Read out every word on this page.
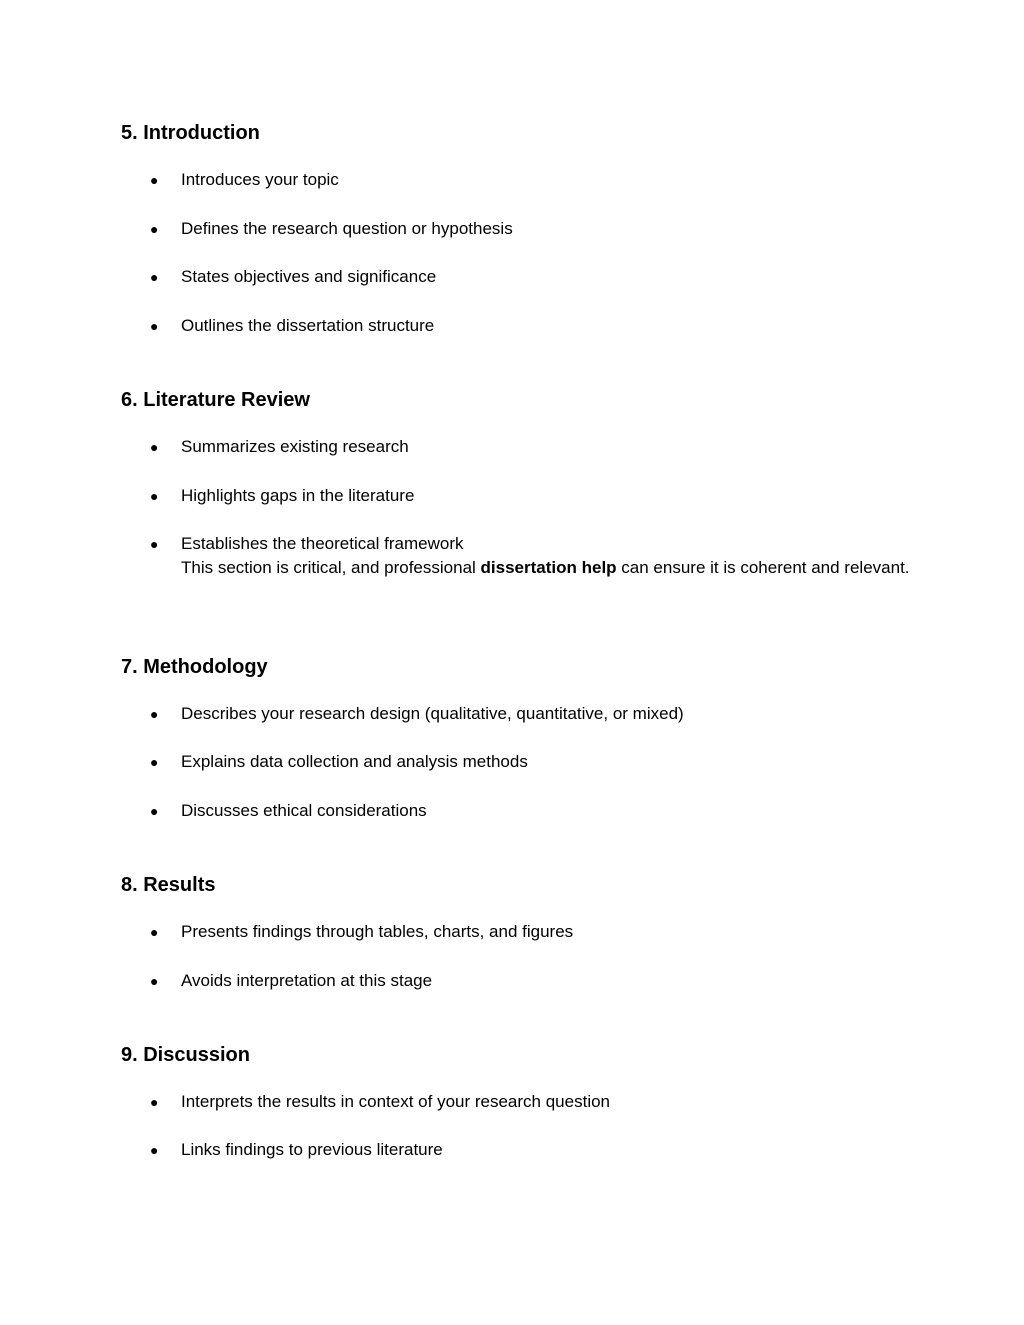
5. Introduction
●	Introduces your topic
●	Defines the research question or hypothesis
●	States objectives and significance
●	Outlines the dissertation structure
6. Literature Review
●	Summarizes existing research
●	Highlights gaps in the literature
●	Establishes the theoretical framework
This section is critical, and professional dissertation help can ensure it is coherent and relevant.
7. Methodology
●	Describes your research design (qualitative, quantitative, or mixed)
●	Explains data collection and analysis methods
●	Discusses ethical considerations
8. Results
●	Presents findings through tables, charts, and figures
●	Avoids interpretation at this stage
9. Discussion
●	Interprets the results in context of your research question
●	Links findings to previous literature
